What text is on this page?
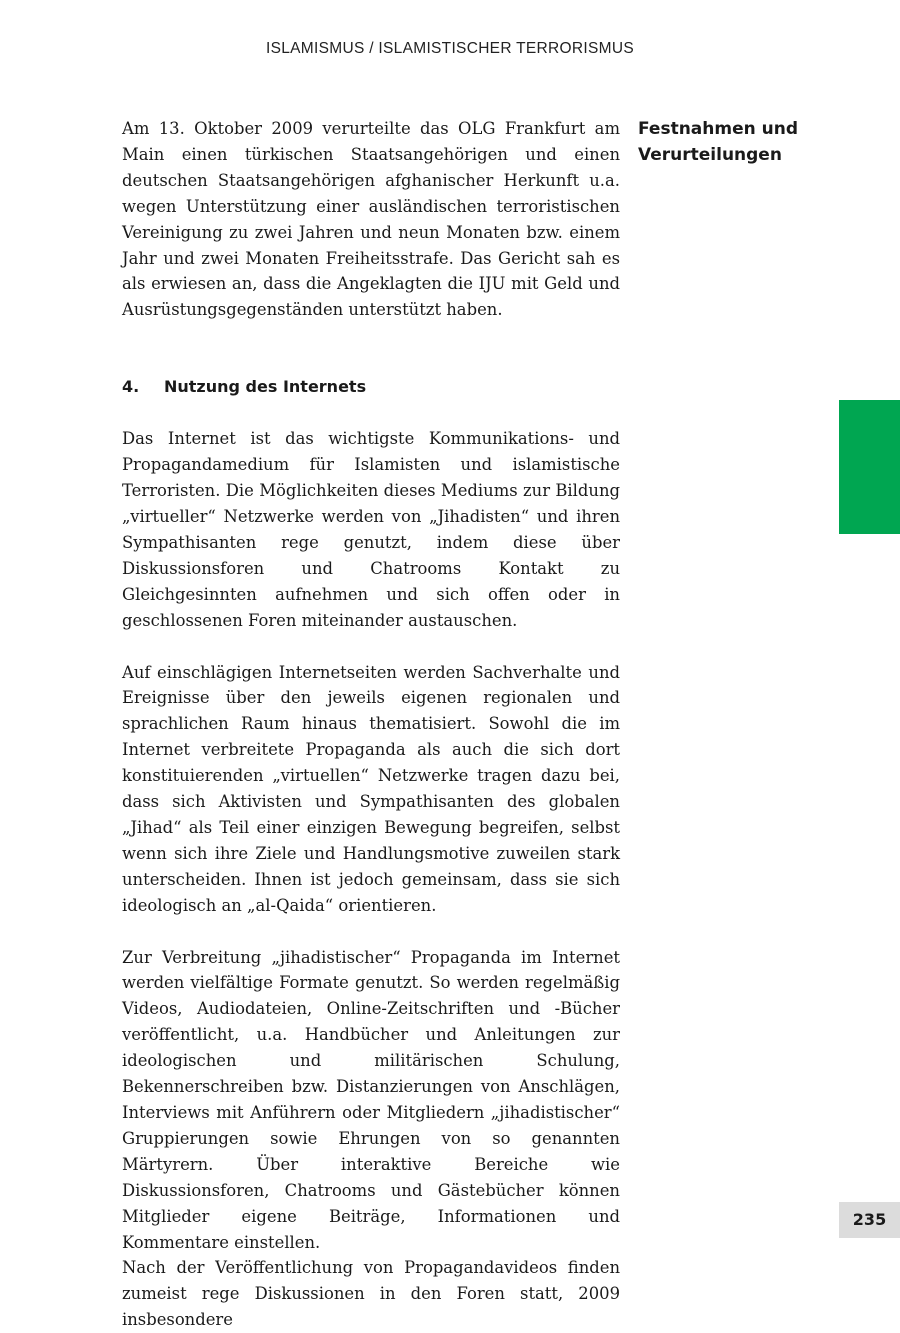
ISLAMISMUS / ISLAMISTISCHER TERRORISMUS
Festnahmen und Verurteilungen

Am 13. Oktober 2009 verurteilte das OLG Frankfurt am Main einen türkischen Staatsangehörigen und einen deutschen Staatsangehörigen afghanischer Herkunft u.a. wegen Unterstützung einer ausländischen terroristischen Vereinigung zu zwei Jahren und neun Monaten bzw. einem Jahr und zwei Monaten Freiheitsstrafe. Das Gericht sah es als erwiesen an, dass die Angeklagten die IJU mit Geld und Ausrüstungsgegenständen unterstützt haben.

4.	Nutzung des Internets

Das Internet ist das wichtigste Kommunikations- und Propagandamedium für Islamisten und islamistische Terroristen. Die Möglichkeiten dieses Mediums zur Bildung „virtueller“ Netzwerke werden von „Jihadisten“ und ihren Sympathisanten rege genutzt, indem diese über Diskussionsforen und Chatrooms Kontakt zu Gleichgesinnten aufnehmen und sich offen oder in geschlossenen Foren miteinander austauschen.

Auf einschlägigen Internetseiten werden Sachverhalte und Ereignisse über den jeweils eigenen regionalen und sprachlichen Raum hinaus thematisiert. Sowohl die im Internet verbreitete Propaganda als auch die sich dort konstituierenden „virtuellen“ Netzwerke tragen dazu bei, dass sich Aktivisten und Sympathisanten des globalen „Jihad“ als Teil einer einzigen Bewegung begreifen, selbst wenn sich ihre Ziele und Handlungsmotive zuweilen stark unterscheiden. Ihnen ist jedoch gemeinsam, dass sie sich ideologisch an „al-Qaida“ orientieren.

Zur Verbreitung „jihadistischer“ Propaganda im Internet werden vielfältige Formate genutzt. So werden regelmäßig Videos, Audiodateien, Online-Zeitschriften und -Bücher veröffentlicht, u.a. Handbücher und Anleitungen zur ideologischen und militärischen Schulung, Bekennerschreiben bzw. Distanzierungen von Anschlägen, Interviews mit Anführern oder Mitgliedern „jihadistischer“ Gruppierungen sowie Ehrungen von so genannten Märtyrern. Über interaktive Bereiche wie Diskussionsforen, Chatrooms und Gästebücher können Mitglieder eigene Beiträge, Informationen und Kommentare einstellen.

Nach der Veröffentlichung von Propagandavideos finden zumeist rege Diskussionen in den Foren statt, 2009 insbesondere

235
